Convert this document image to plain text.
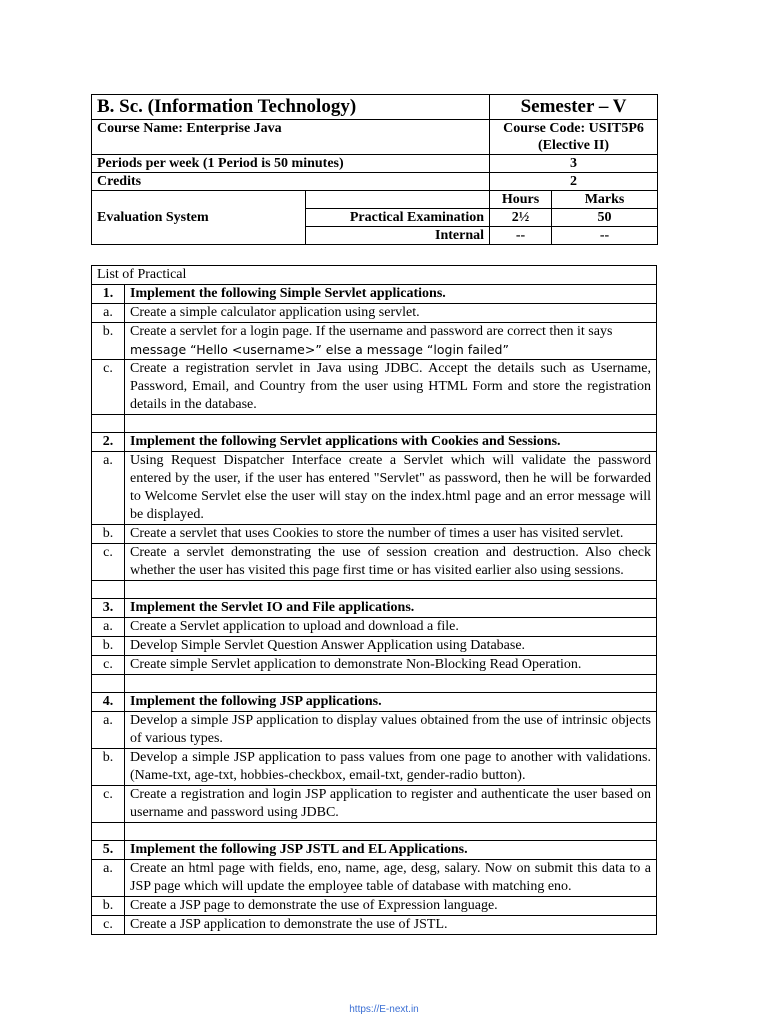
B. Sc. (Information Technology)		Semester – V	
Course Name: Enterprise Java		Course Code: USIT5P6
(Elective II)	

Periods per week (1 Period is 50 minutes)		3	
Credits		2	
Evaluation System		Hours	Marks
	Practical Examination	2½	50
	Internal	--	--
List of Practical	
1.	Implement the following Simple Servlet applications.
a.	Create a simple calculator application using servlet.

b.	Create a servlet for a login page. If the username and password are correct then it says
message “Hello <username>” else a message “login failed”

c.	Create a registration servlet in Java using JDBC. Accept the details such as Username, Password, Email, and Country from the user using HTML Form and store the registration details in the database.

2.	Implement the following Servlet applications with Cookies and Sessions.
a.	Using Request Dispatcher Interface create a Servlet which will validate the password entered by the user, if the user has entered "Servlet" as password, then he will be forwarded to Welcome Servlet else the user will stay on the index.html page and an error message will be displayed.

b.	Create a servlet that uses Cookies to store the number of times a user has visited servlet.

c.	Create a servlet demonstrating the use of session creation and destruction. Also check whether the user has visited this page first time or has visited earlier also using sessions.

3.	Implement the Servlet IO and File applications.
a.	Create a Servlet application to upload and download a file.

b.	Develop Simple Servlet Question Answer Application using Database.

c.	Create simple Servlet application to demonstrate Non-Blocking Read Operation.

4.	Implement the following JSP applications.
a.	Develop a simple JSP application to display values obtained from the use of intrinsic objects of various types.

b.	Develop a simple JSP application to pass values from one page to another with validations. (Name-txt, age-txt, hobbies-checkbox, email-txt, gender-radio button).

c.	Create a registration and login JSP application to register and authenticate the user based on username and password using JDBC.

5.	Implement the following JSP JSTL and EL Applications.
a.	Create an html page with fields, eno, name, age, desg, salary. Now on submit this data to a JSP page which will update the employee table of database with matching eno.

b.	Create a JSP page to demonstrate the use of Expression language.

c.	Create a JSP application to demonstrate the use of JSTL.
https://E-next.in
